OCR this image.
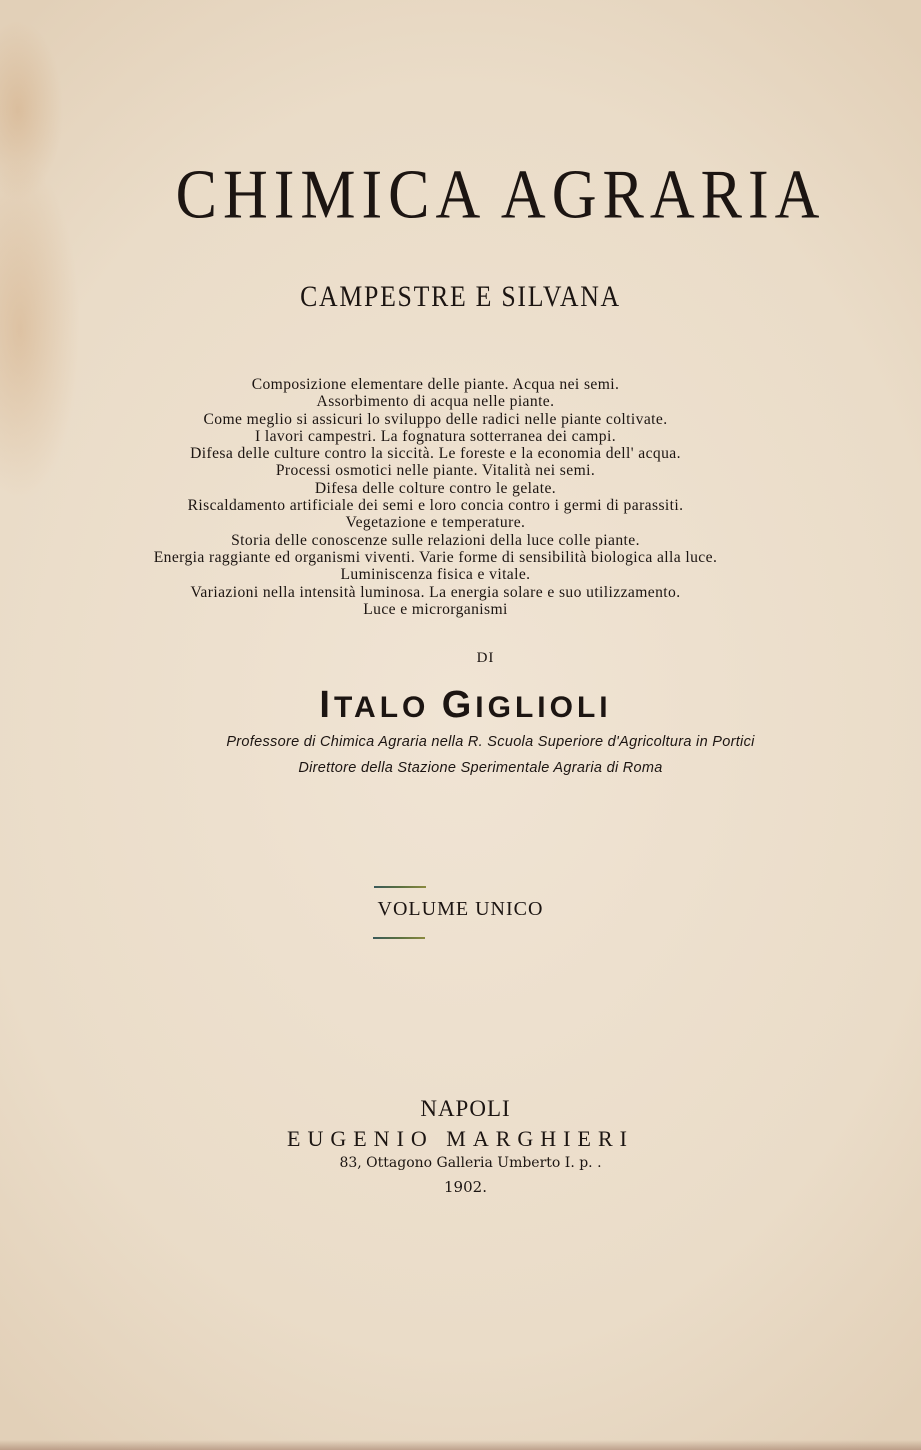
CHIMICA AGRARIA
CAMPESTRE E SILVANA
Composizione elementare delle piante. Acqua nei semi.
Assorbimento di acqua nelle piante.
Come meglio si assicuri lo sviluppo delle radici nelle piante coltivate.
I lavori campestri. La fognatura sotterranea dei campi.
Difesa delle culture contro la siccità. Le foreste e la economia dell' acqua.
Processi osmotici nelle piante. Vitalità nei semi.
Difesa delle colture contro le gelate.
Riscaldamento artificiale dei semi e loro concia contro i germi di parassiti.
Vegetazione e temperature.
Storia delle conoscenze sulle relazioni della luce colle piante.
Energia raggiante ed organismi viventi. Varie forme di sensibilità biologica alla luce.
Luminiscenza fisica e vitale.
Variazioni nella intensità luminosa. La energia solare e suo utilizzamento.
Luce e microrganismi
DI
ITALO GIGLIOLI
Professore di Chimica Agraria nella R. Scuola Superiore d'Agricoltura in Portici
Direttore della Stazione Sperimentale Agraria di Roma
VOLUME UNICO
NAPOLI
EUGENIO MARGHIERI
83, Ottagono Galleria Umberto I. p. .
1902.
